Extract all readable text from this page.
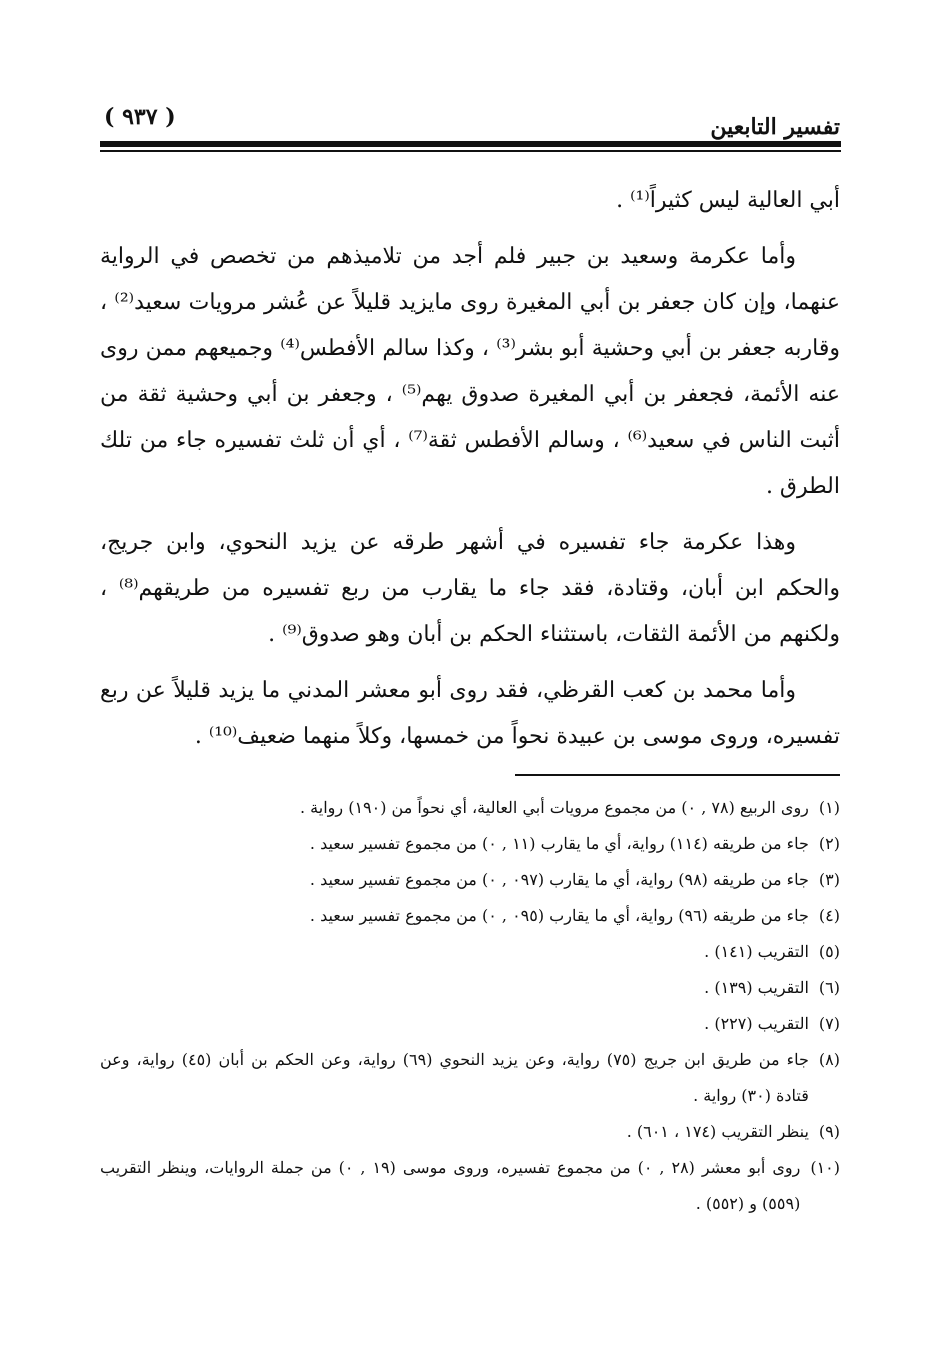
تفسير التابعين
( ٩٣٧ )

أبي العالية ليس كثيراً⁽¹⁾ .

وأما عكرمة وسعيد بن جبير فلم أجد من تلاميذهم من تخصص في الرواية عنهما، وإن كان جعفر بن أبي المغيرة روى مايزيد قليلاً عن عُشر مرويات سعيد⁽²⁾ ، وقاربه جعفر بن أبي وحشية أبو بشر⁽³⁾ ، وكذا سالم الأفطس⁽⁴⁾ وجميعهم ممن روى عنه الأئمة، فجعفر بن أبي المغيرة صدوق يهم⁽⁵⁾ ، وجعفر بن أبي وحشية ثقة من أثبت الناس في سعيد⁽⁶⁾ ، وسالم الأفطس ثقة⁽⁷⁾ ، أي أن ثلث تفسيره جاء من تلك الطرق .

وهذا عكرمة جاء تفسيره في أشهر طرقه عن يزيد النحوي، وابن جريج، والحكم ابن أبان، وقتادة، فقد جاء ما يقارب من ربع تفسيره من طريقهم⁽⁸⁾ ، ولكنهم من الأئمة الثقات، باستثناء الحكم بن أبان وهو صدوق⁽⁹⁾ .

وأما محمد بن كعب القرظي، فقد روى أبو معشر المدني ما يزيد قليلاً عن ربع تفسيره، وروى موسى بن عبيدة نحواً من خمسها، وكلاً منهما ضعيف⁽¹⁰⁾ .

(١)
روى الربيع (٧٨ , ٠) من مجموع مرويات أبي العالية، أي نحواً من (١٩٠) رواية .
(٢)
جاء من طريقه (١١٤) رواية، أي ما يقارب (١١ , ٠) من مجموع تفسير سعيد .
(٣)
جاء من طريقه (٩٨) رواية، أي ما يقارب (٠٩٧ , ٠) من مجموع تفسير سعيد .
(٤)
جاء من طريقه (٩٦) رواية، أي ما يقارب (٠٩٥ , ٠) من مجموع تفسير سعيد .
(٥)
التقريب (١٤١) .
(٦)
التقريب (١٣٩) .
(٧)
التقريب (٢٢٧) .
(٨)
جاء من طريق ابن جريج (٧٥) رواية، وعن يزيد النحوي (٦٩) رواية، وعن الحكم بن أبان (٤٥) رواية، وعن قتادة (٣٠) رواية .
(٩)
ينظر التقريب (١٧٤ ، ٦٠١) .
(١٠)
روى أبو معشر (٢٨ , ٠) من مجموع تفسيره، وروى موسى (١٩ , ٠) من جملة الروايات، وينظر التقريب (٥٥٩) و (٥٥٢) .
